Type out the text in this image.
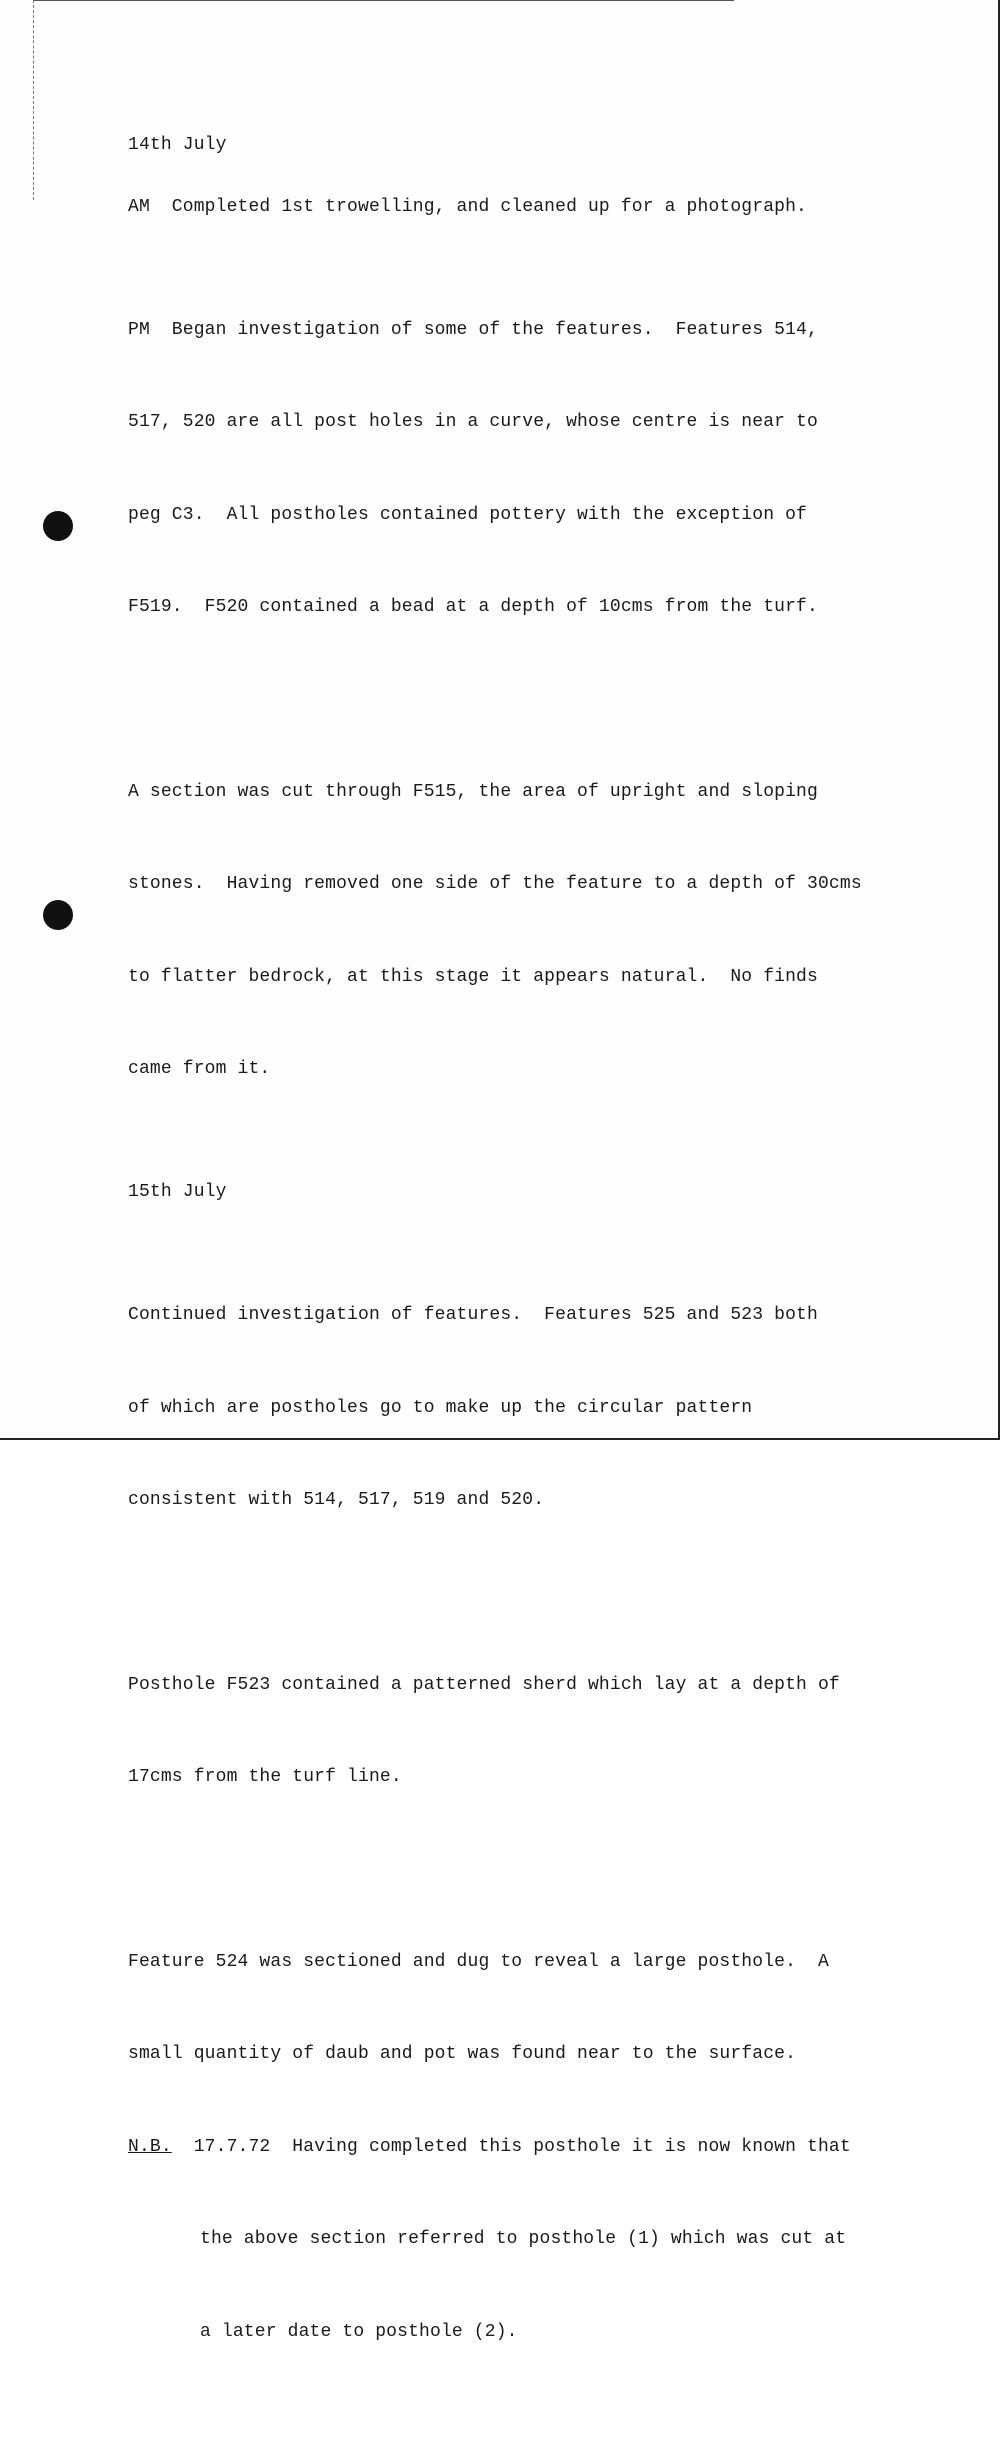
14th July

AM  Completed 1st trowelling, and cleaned up for a photograph.

PM  Began investigation of some of the features.  Features 514,

517, 520 are all post holes in a curve, whose centre is near to

peg C3.  All postholes contained pottery with the exception of

F519.  F520 contained a bead at a depth of 10cms from the turf.

A section was cut through F515, the area of upright and sloping

stones.  Having removed one side of the feature to a depth of 30cms

to flatter bedrock, at this stage it appears natural.  No finds

came from it.

15th July

Continued investigation of features.  Features 525 and 523 both

of which are postholes go to make up the circular pattern

consistent with 514, 517, 519 and 520.

Posthole F523 contained a patterned sherd which lay at a depth of

17cms from the turf line.

Feature 524 was sectioned and dug to reveal a large posthole.  A

small quantity of daub and pot was found near to the surface.

N.B.  17.7.72  Having completed this posthole it is now known that

the above section referred to posthole (1) which was cut at

a later date to posthole (2).
